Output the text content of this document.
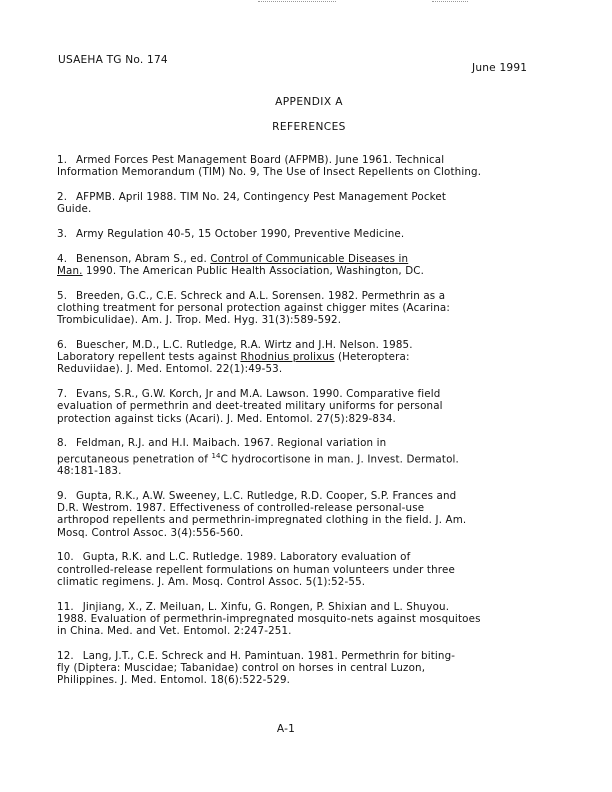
USAEHA TG No. 174
June 1991
APPENDIX A
REFERENCES
1. Armed Forces Pest Management Board (AFPMB). June 1961. Technical
Information Memorandum (TIM) No. 9, The Use of Insect Repellents on Clothing.
2. AFPMB. April 1988. TIM No. 24, Contingency Pest Management Pocket
Guide.
3. Army Regulation 40-5, 15 October 1990, Preventive Medicine.
4. Benenson, Abram S., ed. Control of Communicable Diseases in
Man. 1990. The American Public Health Association, Washington, DC.
5. Breeden, G.C., C.E. Schreck and A.L. Sorensen. 1982. Permethrin as a
clothing treatment for personal protection against chigger mites (Acarina:
Trombiculidae). Am. J. Trop. Med. Hyg. 31(3):589-592.
6. Buescher, M.D., L.C. Rutledge, R.A. Wirtz and J.H. Nelson. 1985.
Laboratory repellent tests against Rhodnius prolixus (Heteroptera:
Reduviidae). J. Med. Entomol. 22(1):49-53.
7. Evans, S.R., G.W. Korch, Jr and M.A. Lawson. 1990. Comparative field
evaluation of permethrin and deet-treated military uniforms for personal
protection against ticks (Acari). J. Med. Entomol. 27(5):829-834.
8. Feldman, R.J. and H.I. Maibach. 1967. Regional variation in
percutaneous penetration of $^{14}$C hydrocortisone in man. J. Invest. Dermatol.
48:181-183.
9. Gupta, R.K., A.W. Sweeney, L.C. Rutledge, R.D. Cooper, S.P. Frances and
D.R. Westrom. 1987. Effectiveness of controlled-release personal-use
arthropod repellents and permethrin-impregnated clothing in the field. J. Am.
Mosq. Control Assoc. 3(4):556-560.
10. Gupta, R.K. and L.C. Rutledge. 1989. Laboratory evaluation of
controlled-release repellent formulations on human volunteers under three
climatic regimens. J. Am. Mosq. Control Assoc. 5(1):52-55.
11. Jinjiang, X., Z. Meiluan, L. Xinfu, G. Rongen, P. Shixian and L. Shuyou.
1988. Evaluation of permethrin-impregnated mosquito-nets against mosquitoes
in China. Med. and Vet. Entomol. 2:247-251.
12. Lang, J.T., C.E. Schreck and H. Pamintuan. 1981. Permethrin for biting-
fly (Diptera: Muscidae; Tabanidae) control on horses in central Luzon,
Philippines. J. Med. Entomol. 18(6):522-529.
A-1
